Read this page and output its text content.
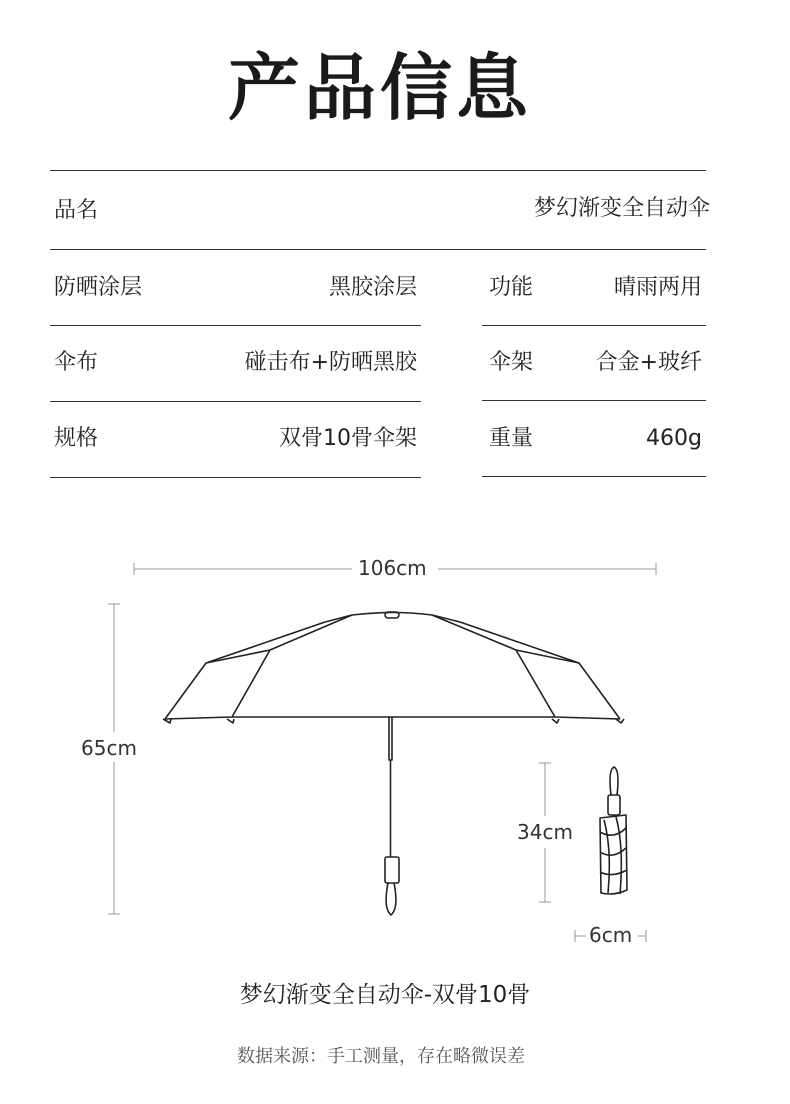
产品信息
品名	梦幻渐变全自动伞
防晒涂层	黑胶涂层
伞布	碰击布+防晒黑胶
规格	双骨10骨伞架
功能	晴雨两用
伞架	合金+玻纤
重量	460g
106cm
65cm
34cm
6cm
梦幻渐变全自动伞-双骨10骨
数据来源：手工测量，存在略微误差
